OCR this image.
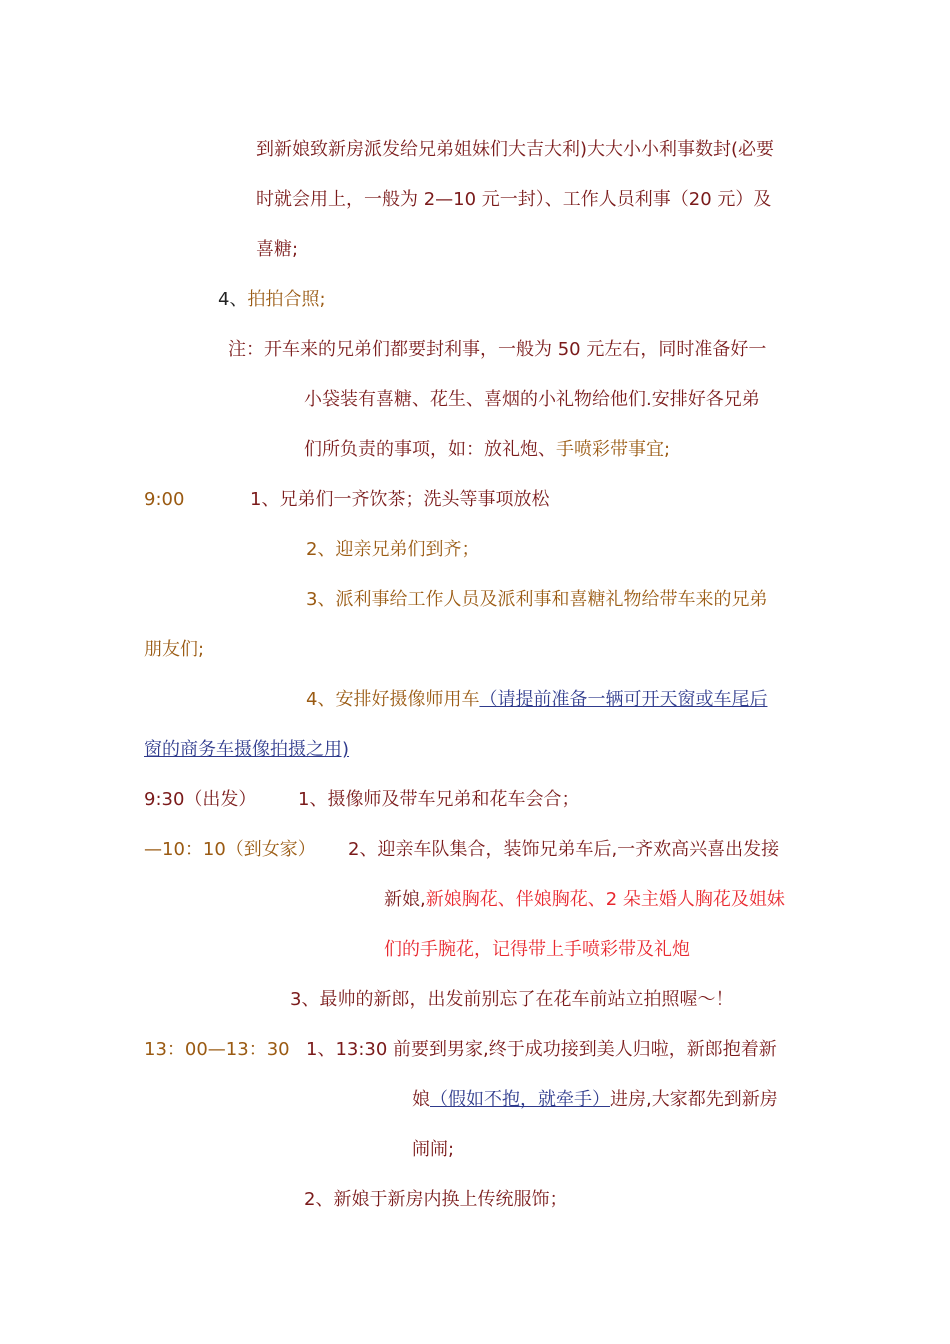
到新娘致新房派发给兄弟姐妹们大吉大利)大大小小利事数封(必要
时就会用上，一般为 2—10 元一封）、工作人员利事（20 元）及
喜糖;
4、拍拍合照;
注：开车来的兄弟们都要封利事，一般为 50 元左右，同时准备好一
小袋装有喜糖、花生、喜烟的小礼物给他们.安排好各兄弟
们所负责的事项，如：放礼炮、手喷彩带事宜;
9:00	1、兄弟们一齐饮茶；洗头等事项放松
2、迎亲兄弟们到齐；
3、派利事给工作人员及派利事和喜糖礼物给带车来的兄弟
朋友们;
4、安排好摄像师用车（请提前准备一辆可开天窗或车尾后
窗的商务车摄像拍摄之用)
9:30（出发） 1、摄像师及带车兄弟和花车会合；
—10：10（到女家） 2、迎亲车队集合，装饰兄弟车后,一齐欢高兴喜出发接
新娘,新娘胸花、伴娘胸花、2 朵主婚人胸花及姐妹
们的手腕花，记得带上手喷彩带及礼炮
3、最帅的新郎，出发前别忘了在花车前站立拍照喔～！
13：00—13：30 1、13:30 前要到男家,终于成功接到美人归啦，新郎抱着新
娘（假如不抱，就牵手）进房,大家都先到新房
闹闹;
2、新娘于新房内换上传统服饰；
